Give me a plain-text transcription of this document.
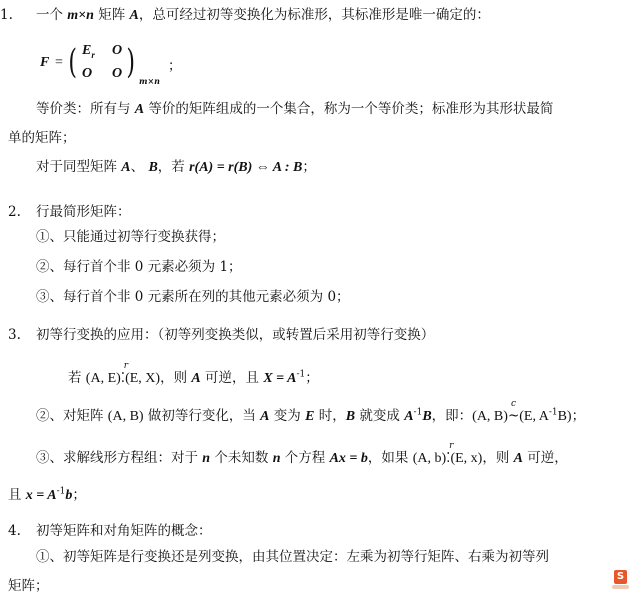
1. 一个 m×n 矩阵 A，总可经过初等变换化为标准形，其标准形是唯一确定的：
F = ( $E_r$ O
O O ) m×n
；
等价类：所有与 A 等价的矩阵组成的一个集合，称为一个等价类；标准形为其形状最简
单的矩阵；
对于同型矩阵 A、 B，若 r(A) = r(B) ⇔ A : B；
2. 行最简形矩阵：
①、只能通过初等行变换获得；
②、每行首个非 0 元素必须为 1；
③、每行首个非 0 元素所在列的其他元素必须为 0；
3. 初等行变换的应用：（初等列变换类似，或转置后采用初等行变换）
若 (A, E)
r
⁚(E, X)，则 A 可逆，且 $X = A^{-1}$；
②、对矩阵 (A, B) 做初等行变化，当 A 变为 E 时，B 就变成 $A^{-1}B$，即：(A, B)
c
~(E, $A^{-1}B$)；
③、求解线形方程组：对于 n 个未知数 n 个方程 Ax = b，如果 (A, b)
r
⁚(E, x)，则 A 可逆，
且 $x = A^{-1}b$；
4. 初等矩阵和对角矩阵的概念：
①、初等矩阵是行变换还是列变换，由其位置决定：左乘为初等行矩阵、右乘为初等列
矩阵；
S
